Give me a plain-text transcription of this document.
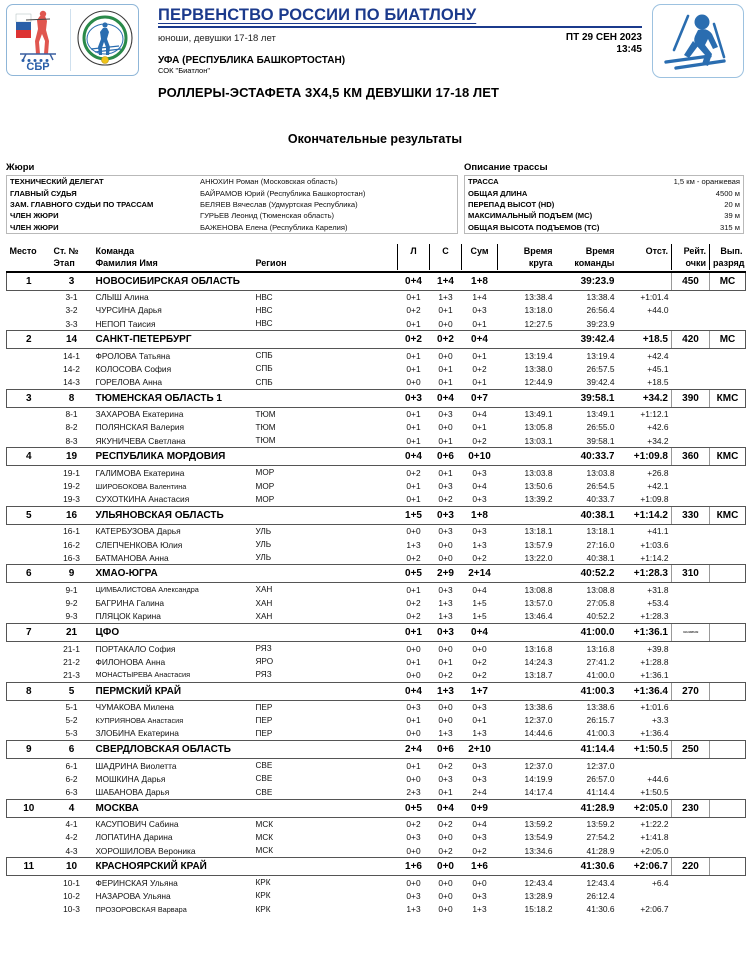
СБР
ПЕРВЕНСТВО РОССИИ ПО БИАТЛОНУ
юноши, девушки 17-18 лет	ПТ 29 СЕН 2023
13:45
УФА (РЕСПУБЛИКА БАШКОРТОСТАН)
СОК "Биатлон"
РОЛЛЕРЫ-ЭСТАФЕТА 3Х4,5 КМ ДЕВУШКИ 17-18 ЛЕТ
Окончательные результаты
Жюри
ТЕХНИЧЕСКИЙ ДЕЛЕГАТ	АНЮХИН Роман (Московская область)
ГЛАВНЫЙ СУДЬЯ	БАЙРАМОВ Юрий (Республика Башкортостан)
ЗАМ. ГЛАВНОГО СУДЬИ ПО ТРАССАМ	БЕЛЯЕВ Вячеслав (Удмуртская Республика)
ЧЛЕН ЖЮРИ	ГУРЬЕВ Леонид (Тюменская область)
ЧЛЕН ЖЮРИ	БАЖЕНОВА Елена (Республика Карелия)
Описание трассы
ТРАССА	1,5 км - оранжевая
ОБЩАЯ ДЛИНА	4500 м
ПЕРЕПАД ВЫСОТ (HD)	20 м
МАКСИМАЛЬНЫЙ ПОДЪЕМ (МС)	39 м
ОБЩАЯ ВЫСОТА ПОДЪЕМОВ (ТС)	315 м
Место	Ст. №	Команда		Л	С	Сум	Время	Время	Отст.	Рейт.	Вып.
	Этап	Фамилия Имя	Регион				круга	команды		очки	разряд

1	3	НОВОСИБИРСКАЯ ОБЛАСТЬ		0+4	1+4	1+8		39:23.9		450	МС
	3-1	СЛЫШ Алина	НВС	0+1	1+3	1+4	13:38.4	13:38.4	+1:01.4		
	3-2	ЧУРСИНА Дарья	НВС	0+2	0+1	0+3	13:18.0	26:56.4	+44.0		
	3-3	НЕПОП Таисия	НВС	0+1	0+0	0+1	12:27.5	39:23.9			
2	14	САНКТ-ПЕТЕРБУРГ		0+2	0+2	0+4		39:42.4	+18.5	420	МС
	14-1	ФРОЛОВА Татьяна	СПБ	0+1	0+0	0+1	13:19.4	13:19.4	+42.4		
	14-2	КОЛОСОВА София	СПБ	0+1	0+1	0+2	13:38.0	26:57.5	+45.1		
	14-3	ГОРЕЛОВА Анна	СПБ	0+0	0+1	0+1	12:44.9	39:42.4	+18.5		
3	8	ТЮМЕНСКАЯ ОБЛАСТЬ 1		0+3	0+4	0+7		39:58.1	+34.2	390	КМС
	8-1	ЗАХАРОВА Екатерина	ТЮМ	0+1	0+3	0+4	13:49.1	13:49.1	+1:12.1		
	8-2	ПОЛЯНСКАЯ Валерия	ТЮМ	0+1	0+0	0+1	13:05.8	26:55.0	+42.6		
	8-3	ЯКУНИЧЕВА Светлана	ТЮМ	0+1	0+1	0+2	13:03.1	39:58.1	+34.2		
4	19	РЕСПУБЛИКА МОРДОВИЯ		0+4	0+6	0+10		40:33.7	+1:09.8	360	КМС
	19-1	ГАЛИМОВА Екатерина	МОР	0+2	0+1	0+3	13:03.8	13:03.8	+26.8		
	19-2	ШИРОБОКОВА Валентина	МОР	0+1	0+3	0+4	13:50.6	26:54.5	+42.1		
	19-3	СУХОТКИНА Анастасия	МОР	0+1	0+2	0+3	13:39.2	40:33.7	+1:09.8		
5	16	УЛЬЯНОВСКАЯ ОБЛАСТЬ		1+5	0+3	1+8		40:38.1	+1:14.2	330	КМС
	16-1	КАТЕРБУЗОВА Дарья	УЛЬ	0+0	0+3	0+3	13:18.1	13:18.1	+41.1		
	16-2	СЛЕПЧЕНКОВА Юлия	УЛЬ	1+3	0+0	1+3	13:57.9	27:16.0	+1:03.6		
	16-3	БАТМАНОВА Анна	УЛЬ	0+2	0+0	0+2	13:22.0	40:38.1	+1:14.2		
6	9	ХМАО-ЮГРА		0+5	2+9	2+14		40:52.2	+1:28.3	310	
	9-1	ЦИМБАЛИСТОВА Александра	ХАН	0+1	0+3	0+4	13:08.8	13:08.8	+31.8		
	9-2	БАГРИНА Галина	ХАН	0+2	1+3	1+5	13:57.0	27:05.8	+53.4		
	9-3	ПЛЯЦОК Карина	ХАН	0+2	1+3	1+5	13:46.4	40:52.2	+1:28.3		
7	21	ЦФО		0+1	0+3	0+4		41:00.0	+1:36.1	193.33/86.89	

	21-1	ПОРТАКАЛО София	РЯЗ	0+0	0+0	0+0	13:16.8	13:16.8	+39.8		
	21-2	ФИЛОНОВА Анна	ЯРО	0+1	0+1	0+2	14:24.3	27:41.2	+1:28.8		
	21-3	МОНАСТЫРЕВА Анастасия	РЯЗ	0+0	0+2	0+2	13:18.7	41:00.0	+1:36.1		
8	5	ПЕРМСКИЙ КРАЙ		0+4	1+3	1+7		41:00.3	+1:36.4	270	
	5-1	ЧУМАКОВА Милена	ПЕР	0+3	0+0	0+3	13:38.6	13:38.6	+1:01.6		
	5-2	КУПРИЯНОВА Анастасия	ПЕР	0+1	0+0	0+1	12:37.0	26:15.7	+3.3		
	5-3	ЗЛОБИНА Екатерина	ПЕР	0+0	1+3	1+3	14:44.6	41:00.3	+1:36.4		
9	6	СВЕРДЛОВСКАЯ ОБЛАСТЬ		2+4	0+6	2+10		41:14.4	+1:50.5	250	
	6-1	ШАДРИНА Виолетта	СВЕ	0+1	0+2	0+3	12:37.0	12:37.0			
	6-2	МОШКИНА Дарья	СВЕ	0+0	0+3	0+3	14:19.9	26:57.0	+44.6		
	6-3	ШАБАНОВА Дарья	СВЕ	2+3	0+1	2+4	14:17.4	41:14.4	+1:50.5		
10	4	МОСКВА		0+5	0+4	0+9		41:28.9	+2:05.0	230	
	4-1	КАСУПОВИЧ Сабина	МСК	0+2	0+2	0+4	13:59.2	13:59.2	+1:22.2		
	4-2	ЛОПАТИНА Дарина	МСК	0+3	0+0	0+3	13:54.9	27:54.2	+1:41.8		
	4-3	ХОРОШИЛОВА Вероника	МСК	0+0	0+2	0+2	13:34.6	41:28.9	+2:05.0		
11	10	КРАСНОЯРСКИЙ КРАЙ		1+6	0+0	1+6		41:30.6	+2:06.7	220	
	10-1	ФЕРИНСКАЯ Ульяна	КРК	0+0	0+0	0+0	12:43.4	12:43.4	+6.4		
	10-2	НАЗАРОВА Ульяна	КРК	0+3	0+0	0+3	13:28.9	26:12.4			
	10-3	ПРОЗОРОВСКАЯ Варвара	КРК	1+3	0+0	1+3	15:18.2	41:30.6	+2:06.7		
